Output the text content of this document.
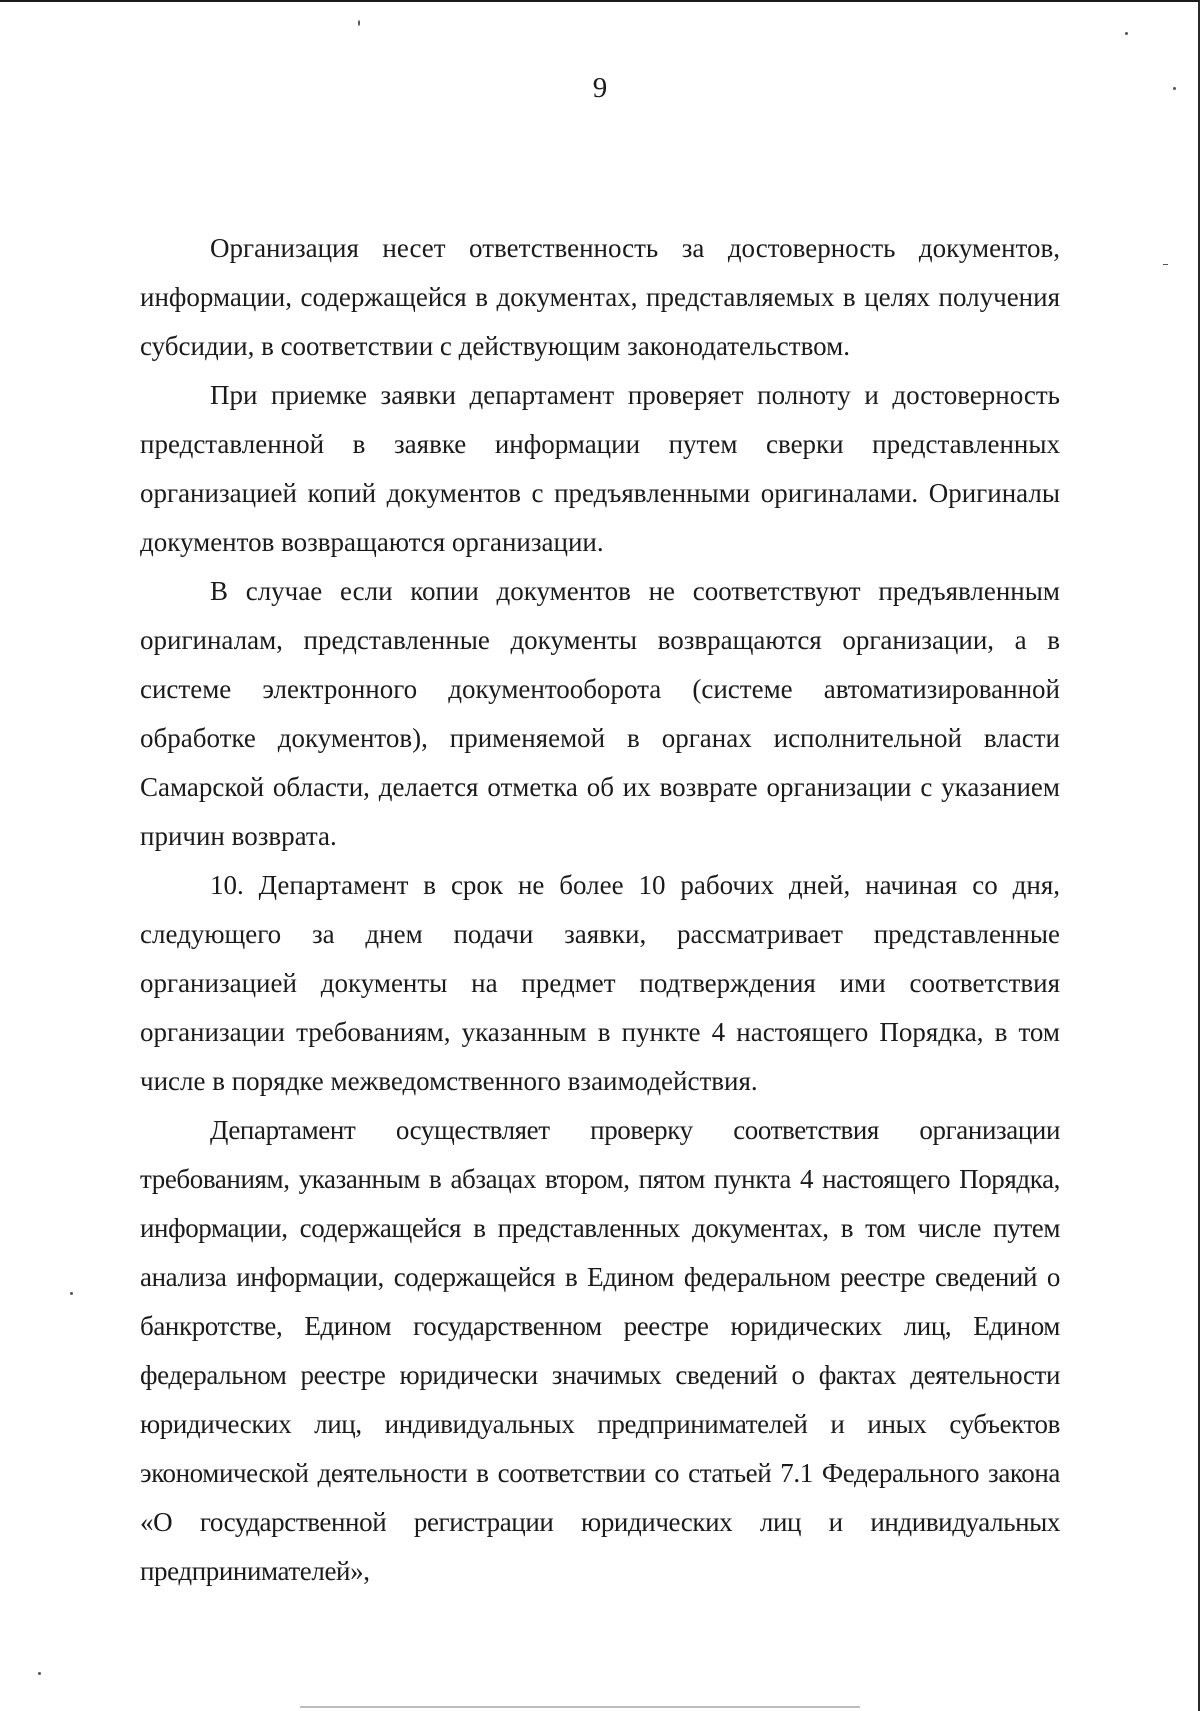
9

Организация несет ответственность за достоверность документов, информации, содержащейся в документах, представляемых в целях получения субсидии, в соответствии с действующим законодательством.

При приемке заявки департамент проверяет полноту и достоверность представленной в заявке информации путем сверки представленных организацией копий документов с предъявленными оригиналами. Оригиналы документов возвращаются организации.

В случае если копии документов не соответствуют предъявленным оригиналам, представленные документы возвращаются организации, а в системе электронного документооборота (системе автоматизированной обработке документов), применяемой в органах исполнительной власти Самарской области, делается отметка об их возврате организации с указанием причин возврата.

10. Департамент в срок не более 10 рабочих дней, начиная со дня, следующего за днем подачи заявки, рассматривает представленные организацией документы на предмет подтверждения ими соответствия организации требованиям, указанным в пункте 4 настоящего Порядка, в том числе в порядке межведомственного взаимодействия.

Департамент осуществляет проверку соответствия организации требованиям, указанным в абзацах втором, пятом пункта 4 настоящего Порядка, информации, содержащейся в представленных документах, в том числе путем анализа информации, содержащейся в Едином федеральном реестре сведений о банкротстве, Едином государственном реестре юридических лиц, Едином федеральном реестре юридически значимых сведений о фактах деятельности юридических лиц, индивидуальных предпринимателей и иных субъектов экономической деятельности в соответствии со статьей 7.1 Федерального закона «О государственной регистрации юридических лиц и индивидуальных предпринимателей»,
